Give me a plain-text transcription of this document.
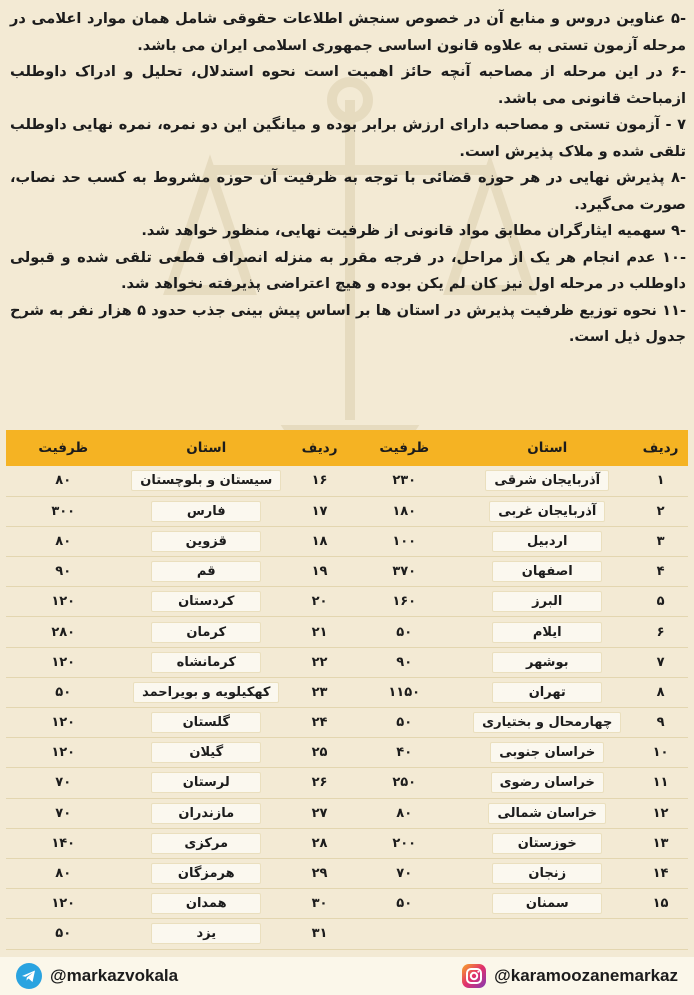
-۵ عناوین دروس و منابع آن در خصوص سنجش اطلاعات حقوقی شامل همان موارد اعلامی در مرحله آزمون تستی به علاوه قانون اساسی جمهوری اسلامی ایران می باشد.

-۶ در این مرحله از مصاحبه آنچه حائز اهمیت است نحوه استدلال، تحلیل و ادراک داوطلب ازمباحث قانونی می باشد.

۷ - آزمون تستی و مصاحبه دارای ارزش برابر بوده و میانگین این دو نمره، نمره نهایی داوطلب تلقی شده و ملاک پذیرش است.

-۸ پذیرش نهایی در هر حوزه قضائی با توجه به ظرفیت آن حوزه مشروط به کسب حد نصاب، صورت می‌گیرد.

-۹ سهمیه ایثارگران مطابق مواد قانونی از ظرفیت نهایی، منظور خواهد شد.

-۱۰ عدم انجام هر یک از مراحل، در فرجه مقرر به منزله انصراف قطعی تلقی شده و قبولی داوطلب در مرحله اول نیز کان لم یکن بوده و هیچ اعتراضی پذیرفته نخواهد شد.

-۱۱ نحوه توزیع ظرفیت پذیرش در استان ها بر اساس پیش بینی جذب حدود ۵ هزار نفر به شرح جدول ذیل است.

ردیف	استان	ظرفیت	ردیف	استان	ظرفیت
۱	آذربایجان شرقی	۲۳۰	۱۶	سیستان و بلوچستان	۸۰
۲	آذربایجان غربی	۱۸۰	۱۷	فارس	۳۰۰
۳	اردبیل	۱۰۰	۱۸	قزوین	۸۰
۴	اصفهان	۳۷۰	۱۹	قم	۹۰
۵	البرز	۱۶۰	۲۰	کردستان	۱۲۰
۶	ایلام	۵۰	۲۱	کرمان	۲۸۰
۷	بوشهر	۹۰	۲۲	کرمانشاه	۱۲۰
۸	تهران	۱۱۵۰	۲۳	کهکیلویه و بویراحمد	۵۰
۹	چهارمحال و بختیاری	۵۰	۲۴	گلستان	۱۲۰
۱۰	خراسان جنوبی	۴۰	۲۵	گیلان	۱۲۰
۱۱	خراسان رضوی	۲۵۰	۲۶	لرستان	۷۰
۱۲	خراسان شمالی	۸۰	۲۷	مازندران	۷۰
۱۳	خوزستان	۲۰۰	۲۸	مرکزی	۱۴۰
۱۴	زنجان	۷۰	۲۹	هرمزگان	۸۰
۱۵	سمنان	۵۰	۳۰	همدان	۱۲۰
			۳۱	یزد	۵۰
@markazvokala	@karamoozanemarkaz
